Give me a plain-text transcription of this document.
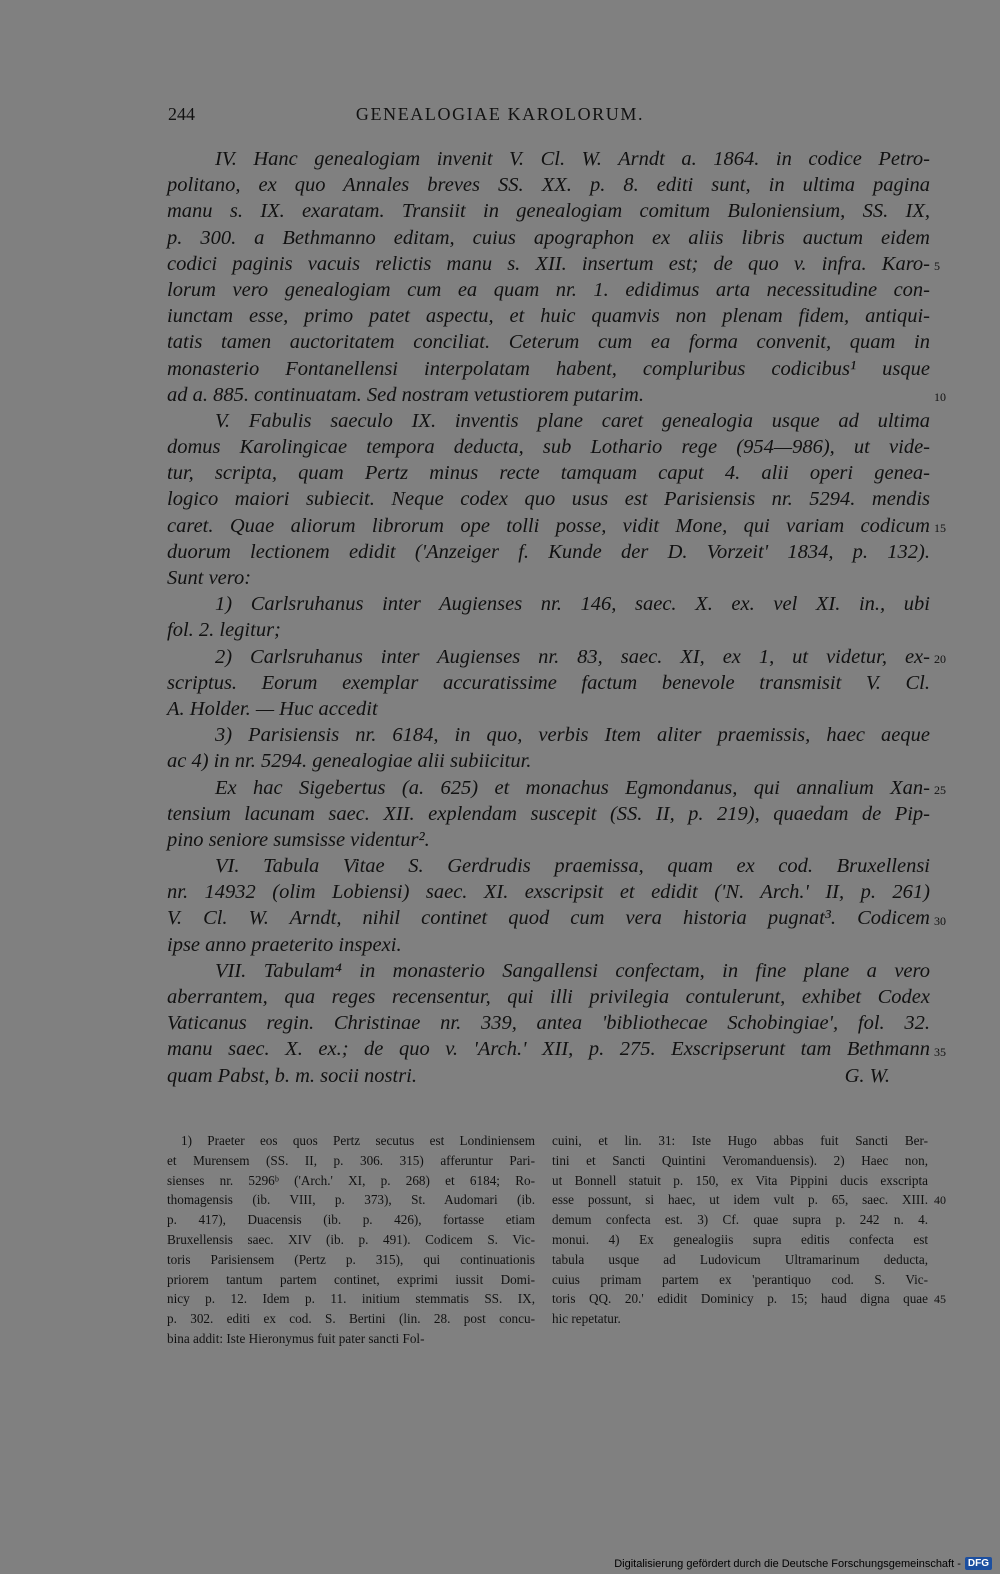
244	GENEALOGIAE KAROLORUM.
IV. Hanc genealogiam invenit V. Cl. W. Arndt a. 1864. in codice Petro-
politano, ex quo Annales breves SS. XX. p. 8. editi sunt, in ultima pagina
manu s. IX. exaratam. Transiit in genealogiam comitum Buloniensium, SS. IX,
p. 300. a Bethmanno editam, cuius apographon ex aliis libris auctum eidem
codici paginis vacuis relictis manu s. XII. insertum est; de quo v. infra. Karo-
lorum vero genealogiam cum ea quam nr. 1. edidimus arta necessitudine con-
iunctam esse, primo patet aspectu, et huic quamvis non plenam fidem, antiqui-
tatis tamen auctoritatem conciliat. Ceterum cum ea forma convenit, quam in
monasterio Fontanellensi interpolatam habent, compluribus codicibus¹ usque
ad a. 885. continuatam. Sed nostram vetustiorem putarim.
V. Fabulis saeculo IX. inventis plane caret genealogia usque ad ultima
domus Karolingicae tempora deducta, sub Lothario rege (954—986), ut vide-
tur, scripta, quam Pertz minus recte tamquam caput 4. alii operi genea-
logico maiori subiecit. Neque codex quo usus est Parisiensis nr. 5294. mendis
caret. Quae aliorum librorum ope tolli posse, vidit Mone, qui variam codicum
duorum lectionem edidit ('Anzeiger f. Kunde der D. Vorzeit' 1834, p. 132).
Sunt vero:
1) Carlsruhanus inter Augienses nr. 146, saec. X. ex. vel XI. in., ubi
fol. 2. legitur;
2) Carlsruhanus inter Augienses nr. 83, saec. XI, ex 1, ut videtur, ex-
scriptus. Eorum exemplar accuratissime factum benevole transmisit V. Cl.
A. Holder. — Huc accedit
3) Parisiensis nr. 6184, in quo, verbis Item aliter praemissis, haec aeque
ac 4) in nr. 5294. genealogiae alii subiicitur.
Ex hac Sigebertus (a. 625) et monachus Egmondanus, qui annalium Xan-
tensium lacunam saec. XII. explendam suscepit (SS. II, p. 219), quaedam de Pip-
pino seniore sumsisse videntur².
VI. Tabula Vitae S. Gerdrudis praemissa, quam ex cod. Bruxellensi
nr. 14932 (olim Lobiensi) saec. XI. exscripsit et edidit ('N. Arch.' II, p. 261)
V. Cl. W. Arndt, nihil continet quod cum vera historia pugnat³. Codicem
ipse anno praeterito inspexi.
VII. Tabulam⁴ in monasterio Sangallensi confectam, in fine plane a vero
aberrantem, qua reges recensentur, qui illi privilegia contulerunt, exhibet Codex
Vaticanus regin. Christinae nr. 339, antea 'bibliothecae Schobingiae', fol. 32.
manu saec. X. ex.; de quo v. 'Arch.' XII, p. 275. Exscripserunt tam Bethmann
quam Pabst, b. m. socii nostri.	G. W.
5
10
15
20
25
30
35
1) Praeter eos quos Pertz secutus est Londiniensem
et Murensem (SS. II, p. 306. 315) afferuntur Pari-
sienses nr. 5296ᵇ ('Arch.' XI, p. 268) et 6184; Ro-
thomagensis (ib. VIII, p. 373), St. Audomari (ib.
p. 417), Duacensis (ib. p. 426), fortasse etiam
Bruxellensis saec. XIV (ib. p. 491). Codicem S. Vic-
toris Parisiensem (Pertz p. 315), qui continuationis
priorem tantum partem continet, exprimi iussit Domi-
nicy p. 12. Idem p. 11. initium stemmatis SS. IX,
p. 302. editi ex cod. S. Bertini (lin. 28. post concu-
bina addit: Iste Hieronymus fuit pater sancti Fol-
cuini, et lin. 31: Iste Hugo abbas fuit Sancti Ber-
tini et Sancti Quintini Veromanduensis). 2) Haec non,
ut Bonnell statuit p. 150, ex Vita Pippini ducis exscripta
esse possunt, si haec, ut idem vult p. 65, saec. XIII.
demum confecta est. 3) Cf. quae supra p. 242 n. 4.
monui. 4) Ex genealogiis supra editis confecta est
tabula usque ad Ludovicum Ultramarinum deducta,
cuius primam partem ex 'perantiquo cod. S. Vic-
toris QQ. 20.' edidit Dominicy p. 15; haud digna quae
hic repetatur.
40
45
Digitalisierung gefördert durch die Deutsche Forschungsgemeinschaft - DFG
